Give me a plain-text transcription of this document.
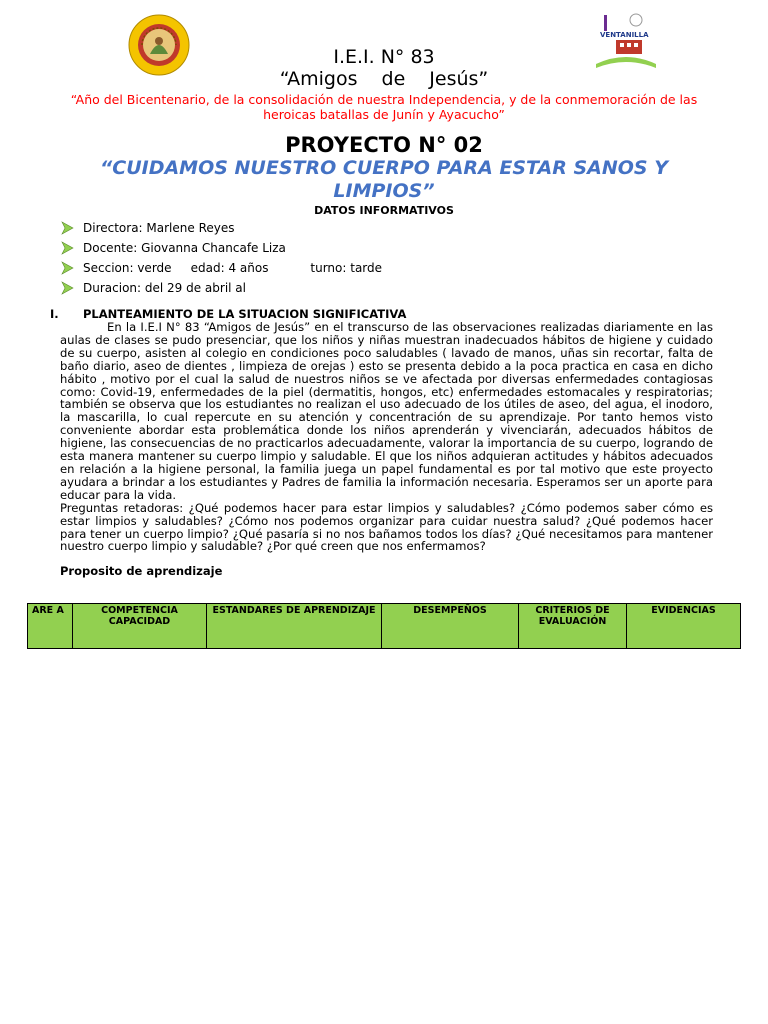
VENTANILLA
I.E.I. N° 83
“Amigos de Jesús”
“Año del Bicentenario, de la consolidación de nuestra Independencia, y de la conmemoración de las heroicas batallas de Junín y Ayacucho”
PROYECTO N° 02
“CUIDAMOS NUESTRO CUERPO PARA ESTAR SANOS Y LIMPIOS”
DATOS INFORMATIVOS
Directora: Marlene Reyes
Docente: Giovanna Chancafe Liza
Seccion: verde     edad: 4 años           turno: tarde
Duracion: del 29 de abril al
I. PLANTEAMIENTO DE LA SITUACION SIGNIFICATIVA

En la I.E.I N° 83 “Amigos de Jesús” en el transcurso de las observaciones realizadas diariamente en las aulas de clases se pudo presenciar, que los niños y niñas muestran inadecuados hábitos de higiene y cuidado de su cuerpo, asisten al colegio en condiciones poco saludables ( lavado de manos, uñas sin recortar, falta de baño diario, aseo de dientes , limpieza de orejas ) esto se presenta debido a la poca practica en casa en dicho hábito , motivo por el cual la salud de nuestros niños se ve afectada por diversas enfermedades contagiosas como: Covid-19, enfermedades de la piel (dermatitis, hongos, etc) enfermedades estomacales y respiratorias; también se observa que los estudiantes no realizan el uso adecuado de los útiles de aseo, del agua, el inodoro, la mascarilla, lo cual repercute en su atención y concentración de su aprendizaje. Por tanto hemos visto conveniente abordar esta problemática donde los niños aprenderán y vivenciarán, adecuados hábitos de higiene, las consecuencias de no practicarlos adecuadamente, valorar la importancia de su cuerpo, logrando de esta manera mantener su cuerpo limpio y saludable. El que los niños adquieran actitudes y hábitos adecuados en relación a la higiene personal, la familia juega un papel fundamental es por tal motivo que este proyecto ayudara a brindar a los estudiantes y Padres de familia la información necesaria. Esperamos ser un aporte para educar para la vida.

Preguntas retadoras: ¿Qué podemos hacer para estar limpios y saludables? ¿Cómo podemos saber cómo es estar limpios y saludables? ¿Cómo nos podemos organizar para cuidar nuestra salud? ¿Qué podemos hacer para tener un cuerpo limpio? ¿Qué pasaría si no nos bañamos todos los días? ¿Qué necesitamos para mantener nuestro cuerpo limpio y saludable? ¿Por qué creen que nos enfermamos?

Proposito de aprendizaje
ARE A	COMPETENCIA CAPACIDAD	ESTANDARES DE APRENDIZAJE	DESEMPEÑOS	CRITERIOS DE EVALUACIÓN	EVIDENCIAS
